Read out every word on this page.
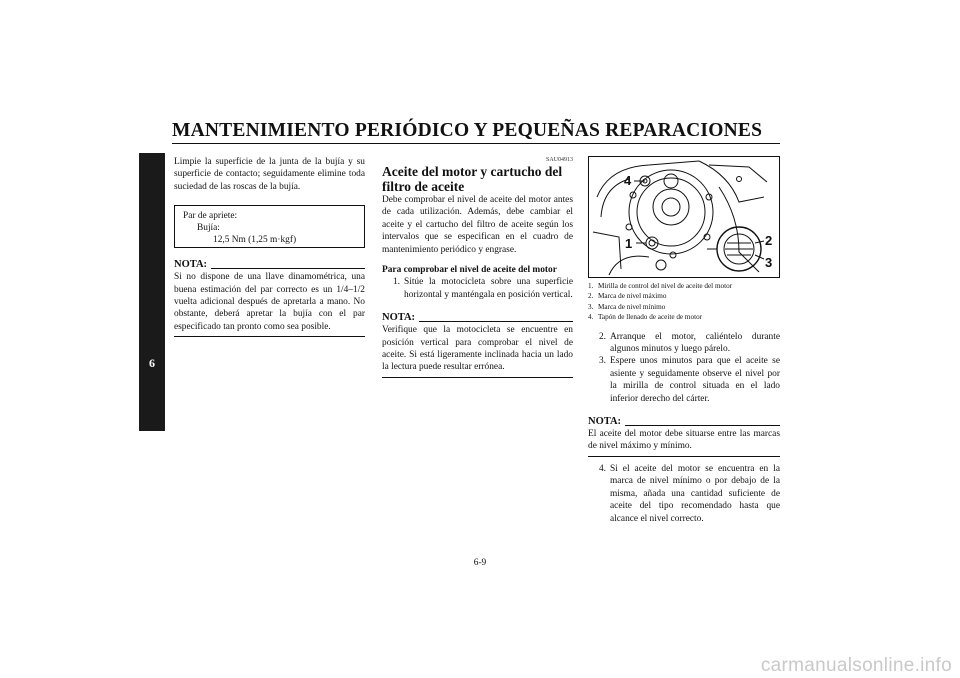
MANTENIMIENTO PERIÓDICO Y PEQUEÑAS REPARACIONES
6

Limpie la superficie de la junta de la bujía y su superficie de contacto; seguidamente elimine toda suciedad de las roscas de la bujía.

Par de apriete:
Bujía:
12,5 Nm (1,25 m·kgf)
NOTA:

Si no dispone de una llave dinamométrica, una buena estimación del par correcto es un 1/4–1/2 vuelta adicional después de apretarla a mano. No obstante, deberá apretar la bujía con el par especificado tan pronto como sea posible.

SAU04913
Aceite del motor y cartucho del filtro de aceite

Debe comprobar el nivel de aceite del motor antes de cada utilización. Además, debe cambiar el aceite y el cartucho del filtro de aceite según los intervalos que se especifican en el cuadro de mantenimiento periódico y engrase.

Para comprobar el nivel de aceite del motor
1. Sitúe la motocicleta sobre una superficie horizontal y manténgala en posición vertical.
NOTA:

Verifique que la motocicleta se encuentre en posición vertical para comprobar el nivel de aceite. Si está ligeramente inclinada hacia un lado la lectura puede resultar errónea.

4
1	2
3
1. Mirilla de control del nivel de aceite del motor
2. Marca de nivel máximo
3. Marca de nivel mínimo
4. Tapón de llenado de aceite de motor
2. Arranque el motor, caliéntelo durante algunos minutos y luego párelo.
3. Espere unos minutos para que el aceite se asiente y seguidamente observe el nivel por la mirilla de control situada en el lado inferior derecho del cárter.
NOTA:

El aceite del motor debe situarse entre las marcas de nivel máximo y mínimo.

4. Si el aceite del motor se encuentra en la marca de nivel mínimo o por debajo de la misma, añada una cantidad suficiente de aceite del tipo recomendado hasta que alcance el nivel correcto.
6-9
carmanualsonline.info
